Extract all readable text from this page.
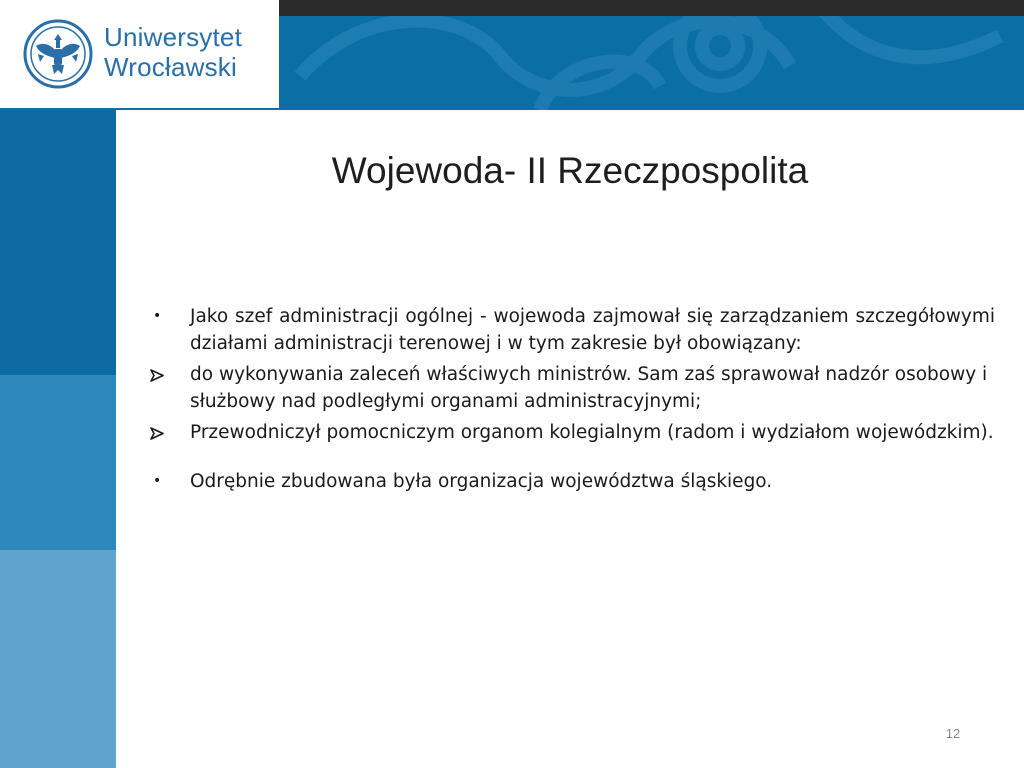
Uniwersytet
Wrocławski
Wojewoda- II Rzeczpospolita
•	Jako szef administracji ogólnej - wojewoda zajmował się zarządzaniem szczegółowymi działami administracji terenowej i w tym zakresie był obowiązany:
do wykonywania zaleceń właściwych ministrów. Sam zaś sprawował nadzór osobowy i służbowy nad podległymi organami administracyjnymi;
Przewodniczył pomocniczym organom kolegialnym (radom i wydziałom wojewódzkim).
•	Odrębnie zbudowana była organizacja województwa śląskiego.
12
